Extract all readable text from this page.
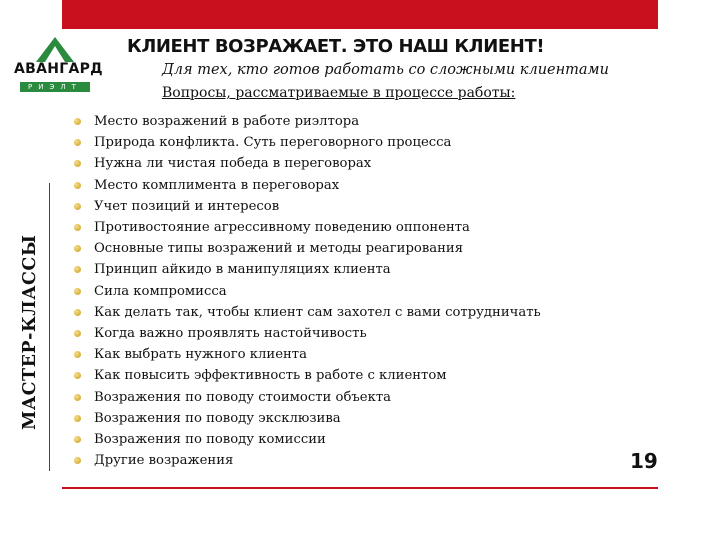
АВАНГАРД
РИЭЛТ
КЛИЕНТ ВОЗРАЖАЕТ. ЭТО НАШ КЛИЕНТ!
Для тех, кто готов работать со сложными клиентами
Вопросы, рассматриваемые в процессе работы:
МАСТЕР-КЛАССЫ
Место возражений в работе риэлтора
Природа конфликта. Суть переговорного процесса
Нужна ли чистая победа в переговорах
Место комплимента в переговорах
Учет позиций и интересов
Противостояние агрессивному поведению оппонента
Основные типы возражений и методы реагирования
Принцип айкидо в манипуляциях клиента
Сила компромисса
Как делать так, чтобы клиент сам захотел с вами сотрудничать
Когда важно проявлять настойчивость
Как выбрать нужного клиента
Как повысить эффективность в работе с клиентом
Возражения по поводу стоимости объекта
Возражения по поводу эксклюзива
Возражения по поводу комиссии
Другие возражения	19
